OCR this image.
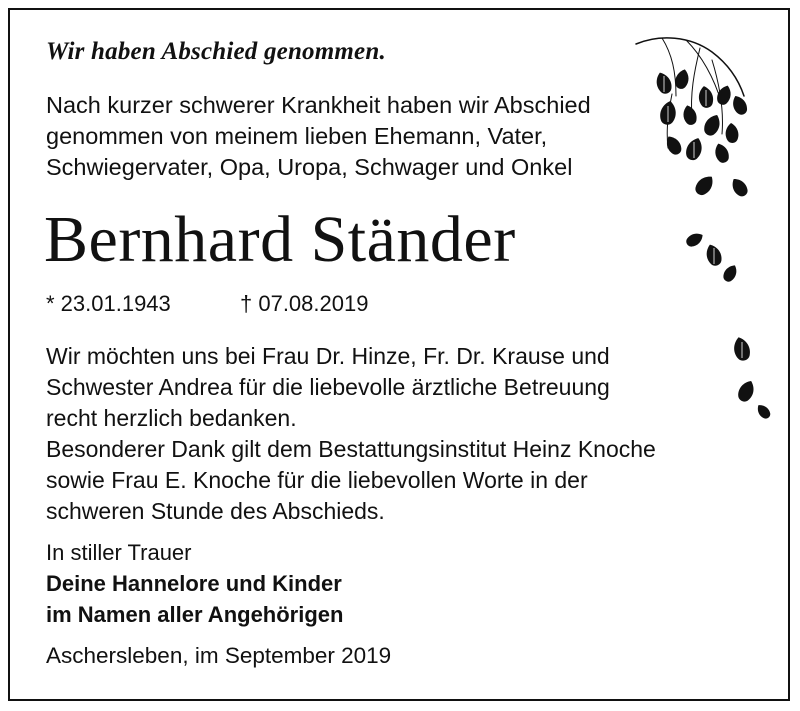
Wir haben Abschied genommen.
Nach kurzer schwerer Krankheit haben wir Abschied
genommen von meinem lieben Ehemann, Vater,
Schwiegervater, Opa, Uropa, Schwager und Onkel
Bernhard Ständer
* 23.01.1943	† 07.08.2019
Wir möchten uns bei Frau Dr. Hinze, Fr. Dr. Krause und
Schwester Andrea für die liebevolle ärztliche Betreuung
recht herzlich bedanken.
Besonderer Dank gilt dem Bestattungsinstitut Heinz Knoche
sowie Frau E. Knoche für die liebevollen Worte in der
schweren Stunde des Abschieds.
In stiller Trauer
Deine Hannelore und Kinder
im Namen aller Angehörigen
Aschersleben, im September 2019
